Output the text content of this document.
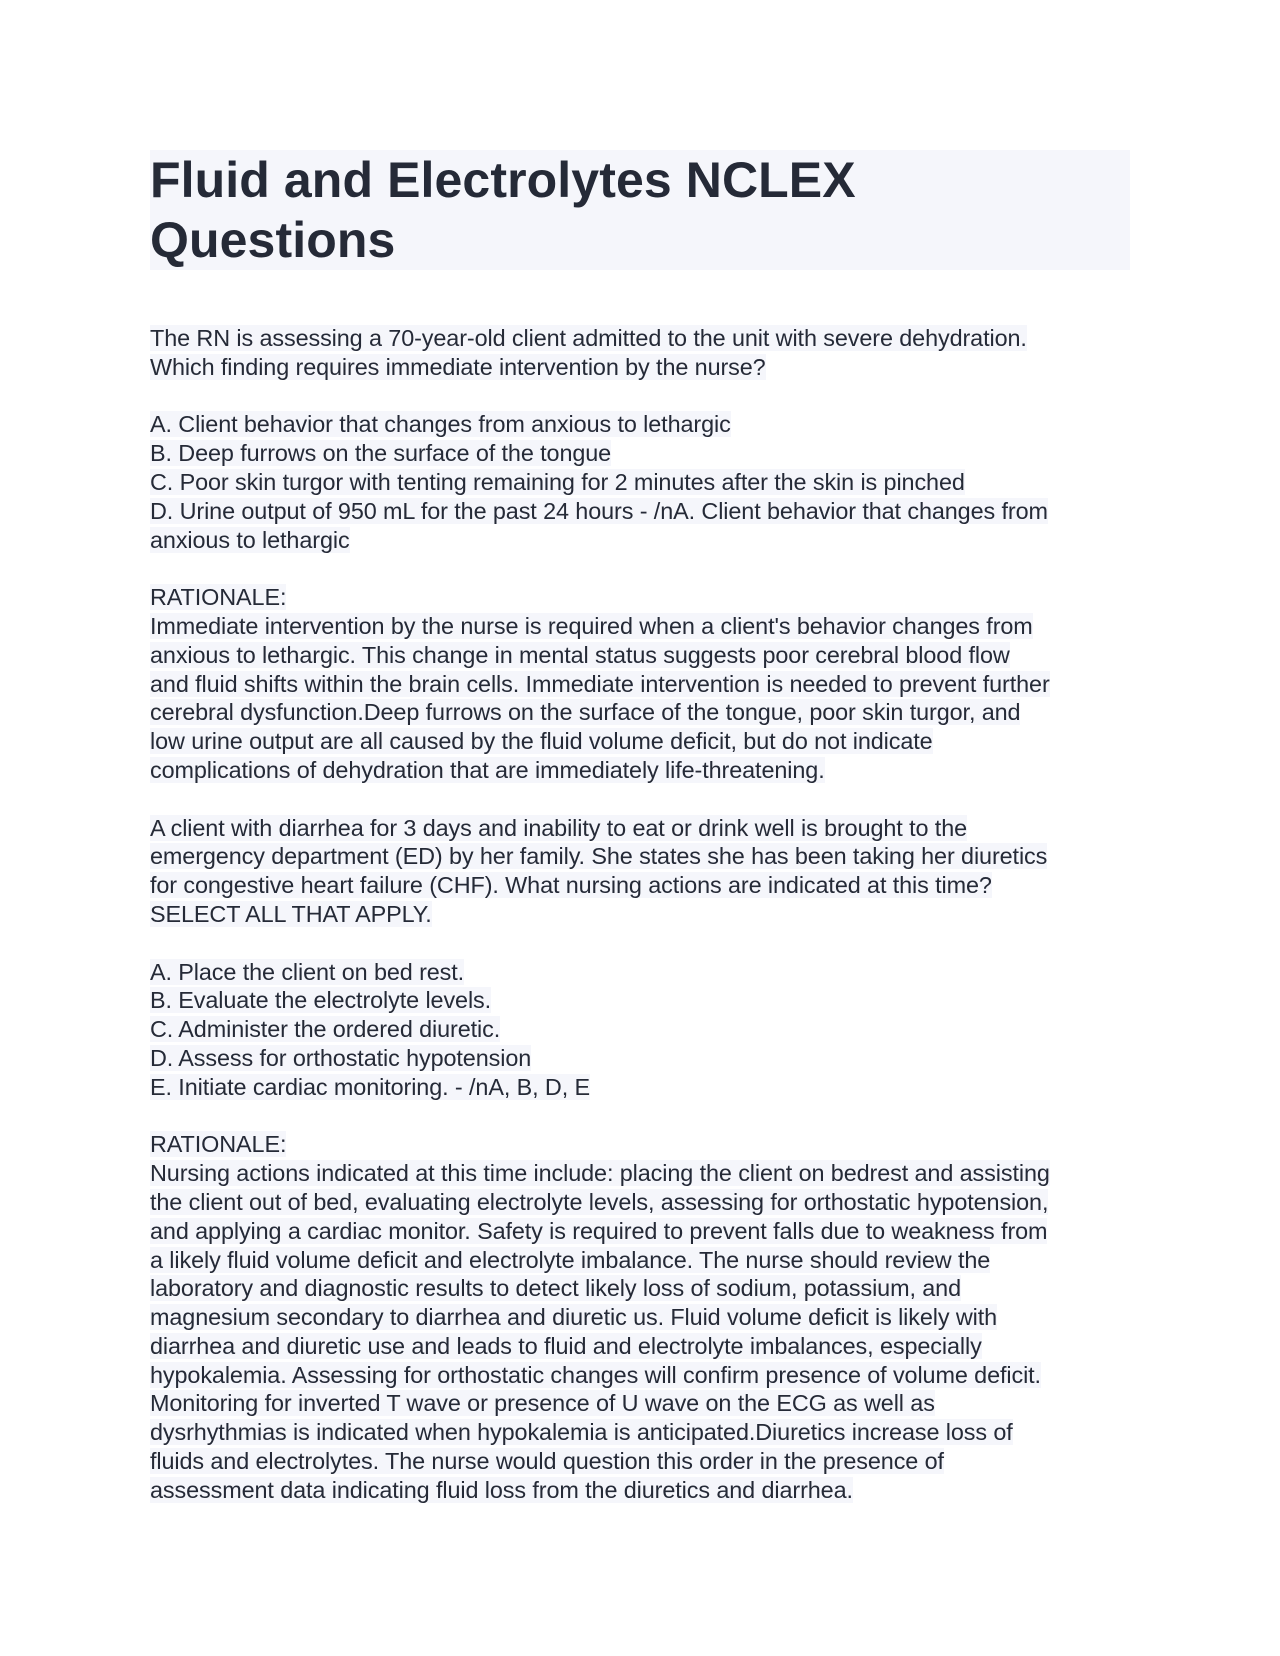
Fluid and Electrolytes NCLEX Questions
The RN is assessing a 70-year-old client admitted to the unit with severe dehydration.
Which finding requires immediate intervention by the nurse?
A. Client behavior that changes from anxious to lethargic
B. Deep furrows on the surface of the tongue
C. Poor skin turgor with tenting remaining for 2 minutes after the skin is pinched
D. Urine output of 950 mL for the past 24 hours - /nA. Client behavior that changes from
anxious to lethargic
RATIONALE:
Immediate intervention by the nurse is required when a client's behavior changes from
anxious to lethargic. This change in mental status suggests poor cerebral blood flow
and fluid shifts within the brain cells. Immediate intervention is needed to prevent further
cerebral dysfunction.Deep furrows on the surface of the tongue, poor skin turgor, and
low urine output are all caused by the fluid volume deficit, but do not indicate
complications of dehydration that are immediately life-threatening.
A client with diarrhea for 3 days and inability to eat or drink well is brought to the
emergency department (ED) by her family. She states she has been taking her diuretics
for congestive heart failure (CHF). What nursing actions are indicated at this time?
SELECT ALL THAT APPLY.
A. Place the client on bed rest.
B. Evaluate the electrolyte levels.
C. Administer the ordered diuretic.
D. Assess for orthostatic hypotension
E. Initiate cardiac monitoring. - /nA, B, D, E
RATIONALE:
Nursing actions indicated at this time include: placing the client on bedrest and assisting
the client out of bed, evaluating electrolyte levels, assessing for orthostatic hypotension,
and applying a cardiac monitor. Safety is required to prevent falls due to weakness from
a likely fluid volume deficit and electrolyte imbalance. The nurse should review the
laboratory and diagnostic results to detect likely loss of sodium, potassium, and
magnesium secondary to diarrhea and diuretic us. Fluid volume deficit is likely with
diarrhea and diuretic use and leads to fluid and electrolyte imbalances, especially
hypokalemia. Assessing for orthostatic changes will confirm presence of volume deficit.
Monitoring for inverted T wave or presence of U wave on the ECG as well as
dysrhythmias is indicated when hypokalemia is anticipated.Diuretics increase loss of
fluids and electrolytes. The nurse would question this order in the presence of
assessment data indicating fluid loss from the diuretics and diarrhea.
